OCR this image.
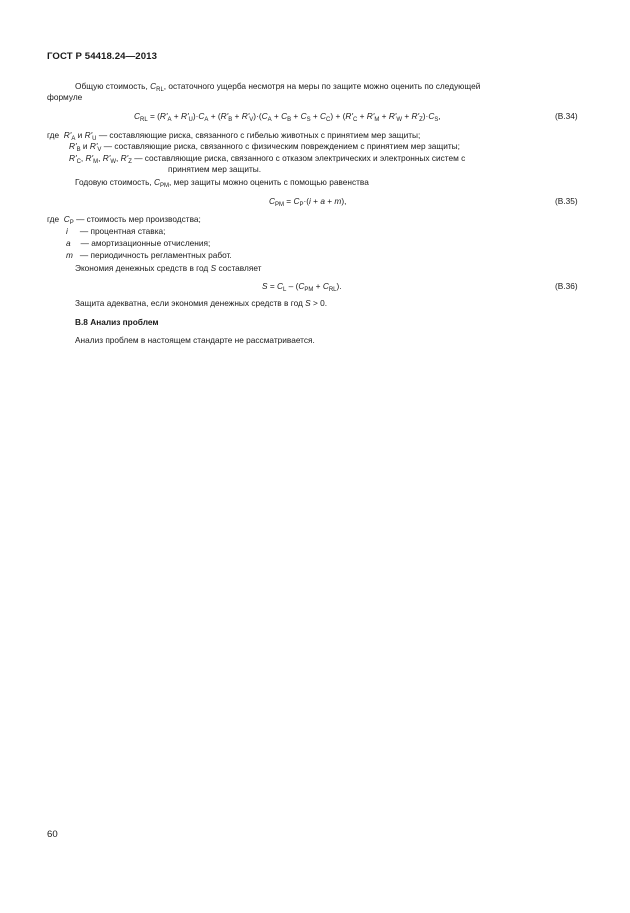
ГОСТ Р 54418.24—2013
Общую стоимость, $C_{RL}$, остаточного ущерба несмотря на меры по защите можно оценить по следующей
формуле
$C_{RL} = (R'_A + R'_U)\cdot C_A + (R'_B + R'_V)\cdot(C_A + C_B + C_S + C_C) + (R'_C + R'_M + R'_W + R'_Z)\cdot C_S$,	(B.34)
где  $R'_A$ и $R'_U$ — составляющие риска, связанного с гибелью животных с принятием мер защиты;
$R'_B$ и $R'_V$ — составляющие риска, связанного с физическим повреждением с принятием мер защиты;
$R'_C$, $R'_M$, $R'_W$, $R'_Z$ — составляющие риска, связанного с отказом электрических и электронных систем с
принятием мер защиты.
Годовую стоимость, $C_{PM}$, мер защиты можно оценить с помощью равенства
$C_{PM} = C_P\cdot(i + a + m)$,	(B.35)
где  $C_P$ — стоимость мер производства;
i — процентная ставка;
a — амортизационные отчисления;
m — периодичность регламентных работ.
Экономия денежных средств в год S составляет
$S = C_L - (C_{PM} + C_{RL})$.	(B.36)
Защита адекватна, если экономия денежных средств в год S > 0.
B.8 Анализ проблем
Анализ проблем в настоящем стандарте не рассматривается.
60
